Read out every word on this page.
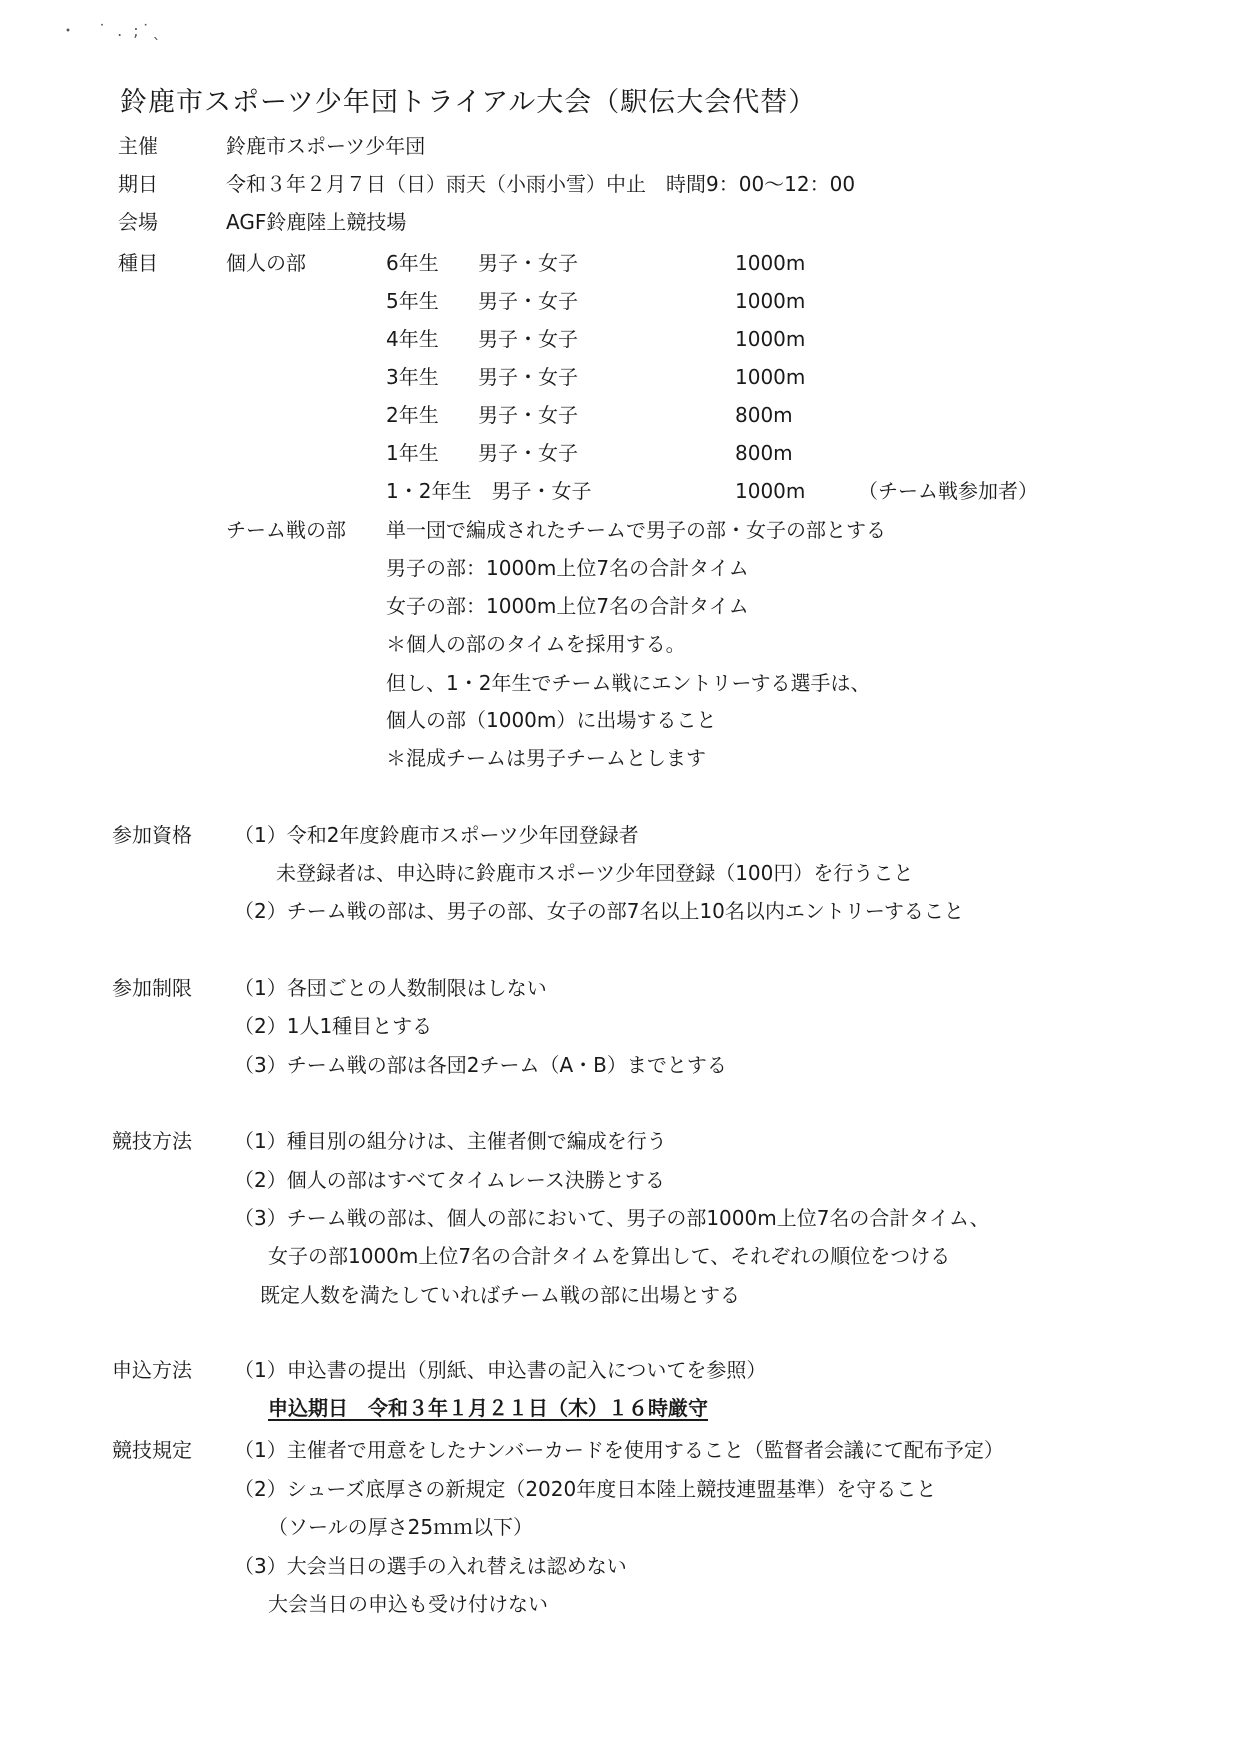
・　˙ . ;˙ˎ
鈴鹿市スポーツ少年団トライアル大会（駅伝大会代替）
主催	鈴鹿市スポーツ少年団
期日	令和３年２月７日（日）雨天（小雨小雪）中止　時間9：00～12：00
会場	AGF鈴鹿陸上競技場
種目	個人の部	6年生 男子・女子	1000m
5年生 男子・女子	1000m
4年生 男子・女子	1000m
3年生 男子・女子	1000m
2年生 男子・女子	800m
1年生 男子・女子	800m
1・2年生　男子・女子	1000m	（チーム戦参加者）
チーム戦の部 単一団で編成されたチームで男子の部・女子の部とする
男子の部：1000m上位7名の合計タイム
女子の部：1000m上位7名の合計タイム
＊個人の部のタイムを採用する。
但し、1・2年生でチーム戦にエントリーする選手は、
個人の部（1000m）に出場すること
＊混成チームは男子チームとします
参加資格 （1）令和2年度鈴鹿市スポーツ少年団登録者
未登録者は、申込時に鈴鹿市スポーツ少年団登録（100円）を行うこと
（2）チーム戦の部は、男子の部、女子の部7名以上10名以内エントリーすること
参加制限 （1）各団ごとの人数制限はしない
（2）1人1種目とする
（3）チーム戦の部は各団2チーム（A・B）までとする
競技方法 （1）種目別の組分けは、主催者側で編成を行う
（2）個人の部はすべてタイムレース決勝とする
（3）チーム戦の部は、個人の部において、男子の部1000m上位7名の合計タイム、
女子の部1000m上位7名の合計タイムを算出して、それぞれの順位をつける
既定人数を満たしていればチーム戦の部に出場とする
申込方法 （1）申込書の提出（別紙、申込書の記入についてを参照）
申込期日　令和３年１月２１日（木）１６時厳守
競技規定 （1）主催者で用意をしたナンバーカードを使用すること（監督者会議にて配布予定）
（2）シューズ底厚さの新規定（2020年度日本陸上競技連盟基準）を守ること
（ソールの厚さ25ｍｍ以下）
（3）大会当日の選手の入れ替えは認めない
大会当日の申込も受け付けない
